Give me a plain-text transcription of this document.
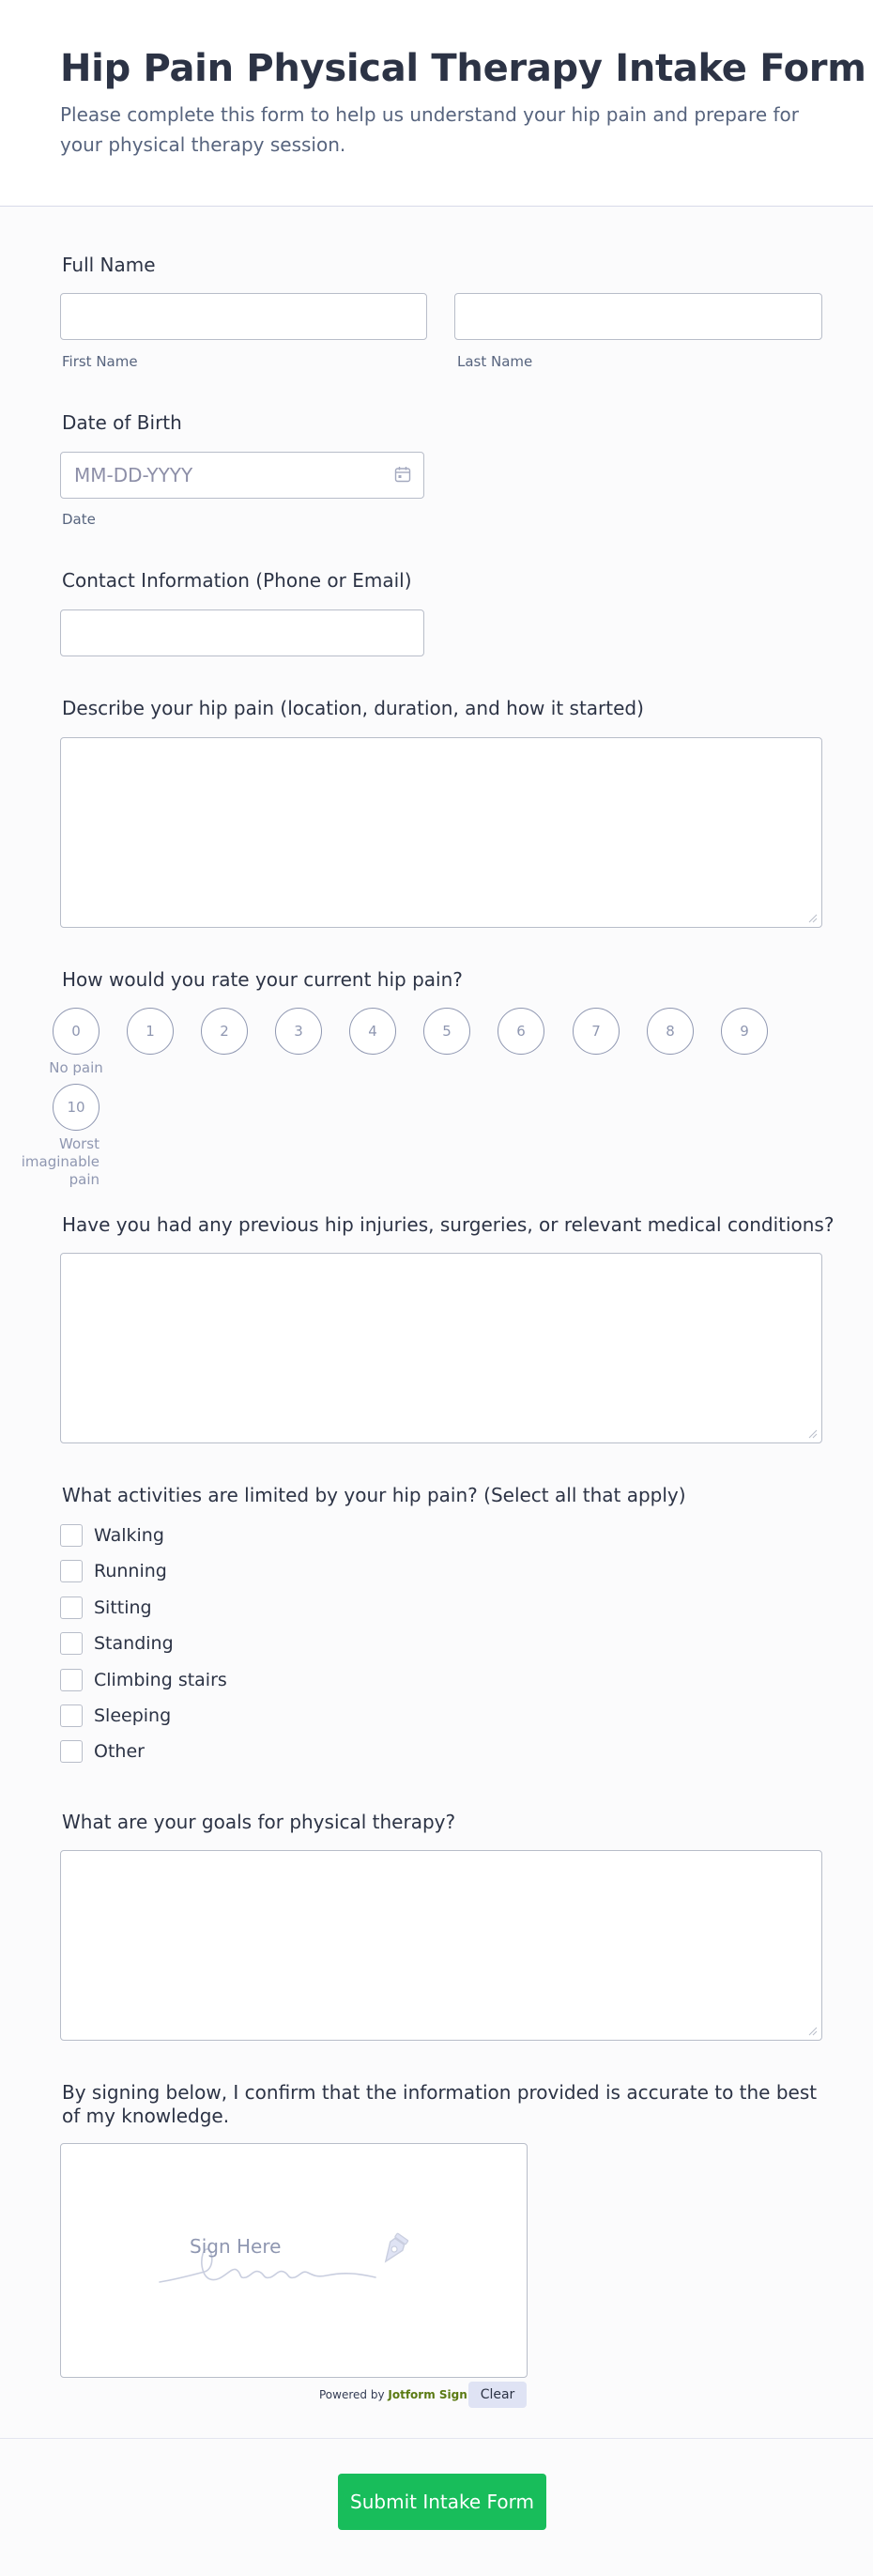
Hip Pain Physical Therapy Intake Form

Please complete this form to help us understand your hip pain and prepare for your physical therapy session.

Full Name
First Name	Last Name
Date of Birth
MM-DD-YYYY
Date
Contact Information (Phone or Email)
Describe your hip pain (location, duration, and how it started)
How would you rate your current hip pain?
0	1	2	3	4	5	6	7	8	9
No pain
10
Worst imaginable pain
Have you had any previous hip injuries, surgeries, or relevant medical conditions?
What activities are limited by your hip pain? (Select all that apply)
Walking
Running
Sitting
Standing
Climbing stairs
Sleeping
Other
What are your goals for physical therapy?
By signing below, I confirm that the information provided is accurate to the best of my knowledge.
Sign Here
Powered by Jotform Sign Clear
Submit Intake Form
